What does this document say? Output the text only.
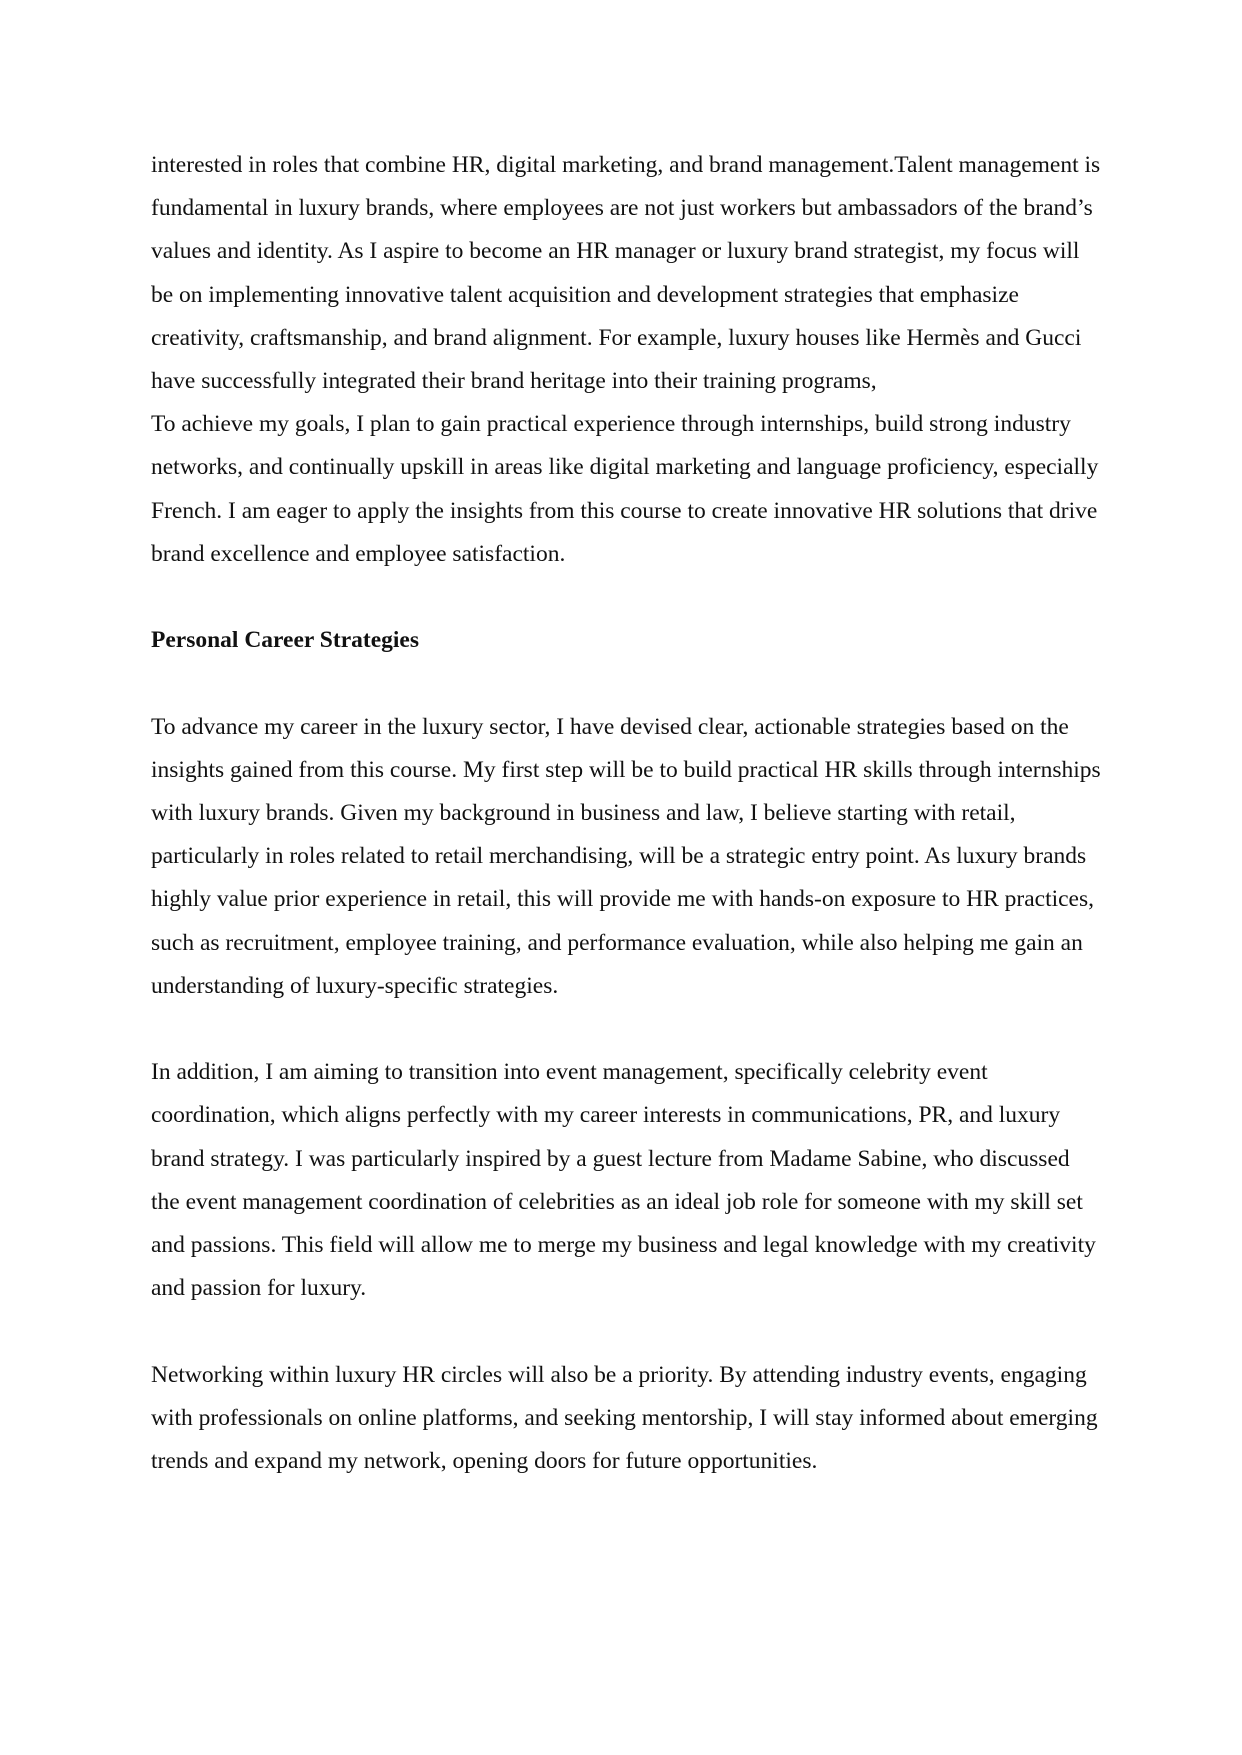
interested in roles that combine HR, digital marketing, and brand management.Talent management is fundamental in luxury brands, where employees are not just workers but ambassadors of the brand’s values and identity. As I aspire to become an HR manager or luxury brand strategist, my focus will be on implementing innovative talent acquisition and development strategies that emphasize creativity, craftsmanship, and brand alignment. For example, luxury houses like Hermès and Gucci have successfully integrated their brand heritage into their training programs,

To achieve my goals, I plan to gain practical experience through internships, build strong industry networks, and continually upskill in areas like digital marketing and language proficiency, especially French. I am eager to apply the insights from this course to create innovative HR solutions that drive brand excellence and employee satisfaction.

Personal Career Strategies

To advance my career in the luxury sector, I have devised clear, actionable strategies based on the insights gained from this course. My first step will be to build practical HR skills through internships with luxury brands. Given my background in business and law, I believe starting with retail, particularly in roles related to retail merchandising, will be a strategic entry point. As luxury brands highly value prior experience in retail, this will provide me with hands-on exposure to HR practices, such as recruitment, employee training, and performance evaluation, while also helping me gain an understanding of luxury-specific strategies.

In addition, I am aiming to transition into event management, specifically celebrity event coordination, which aligns perfectly with my career interests in communications, PR, and luxury brand strategy. I was particularly inspired by a guest lecture from Madame Sabine, who discussed the event management coordination of celebrities as an ideal job role for someone with my skill set and passions. This field will allow me to merge my business and legal knowledge with my creativity and passion for luxury.

Networking within luxury HR circles will also be a priority. By attending industry events, engaging with professionals on online platforms, and seeking mentorship, I will stay informed about emerging trends and expand my network, opening doors for future opportunities.
